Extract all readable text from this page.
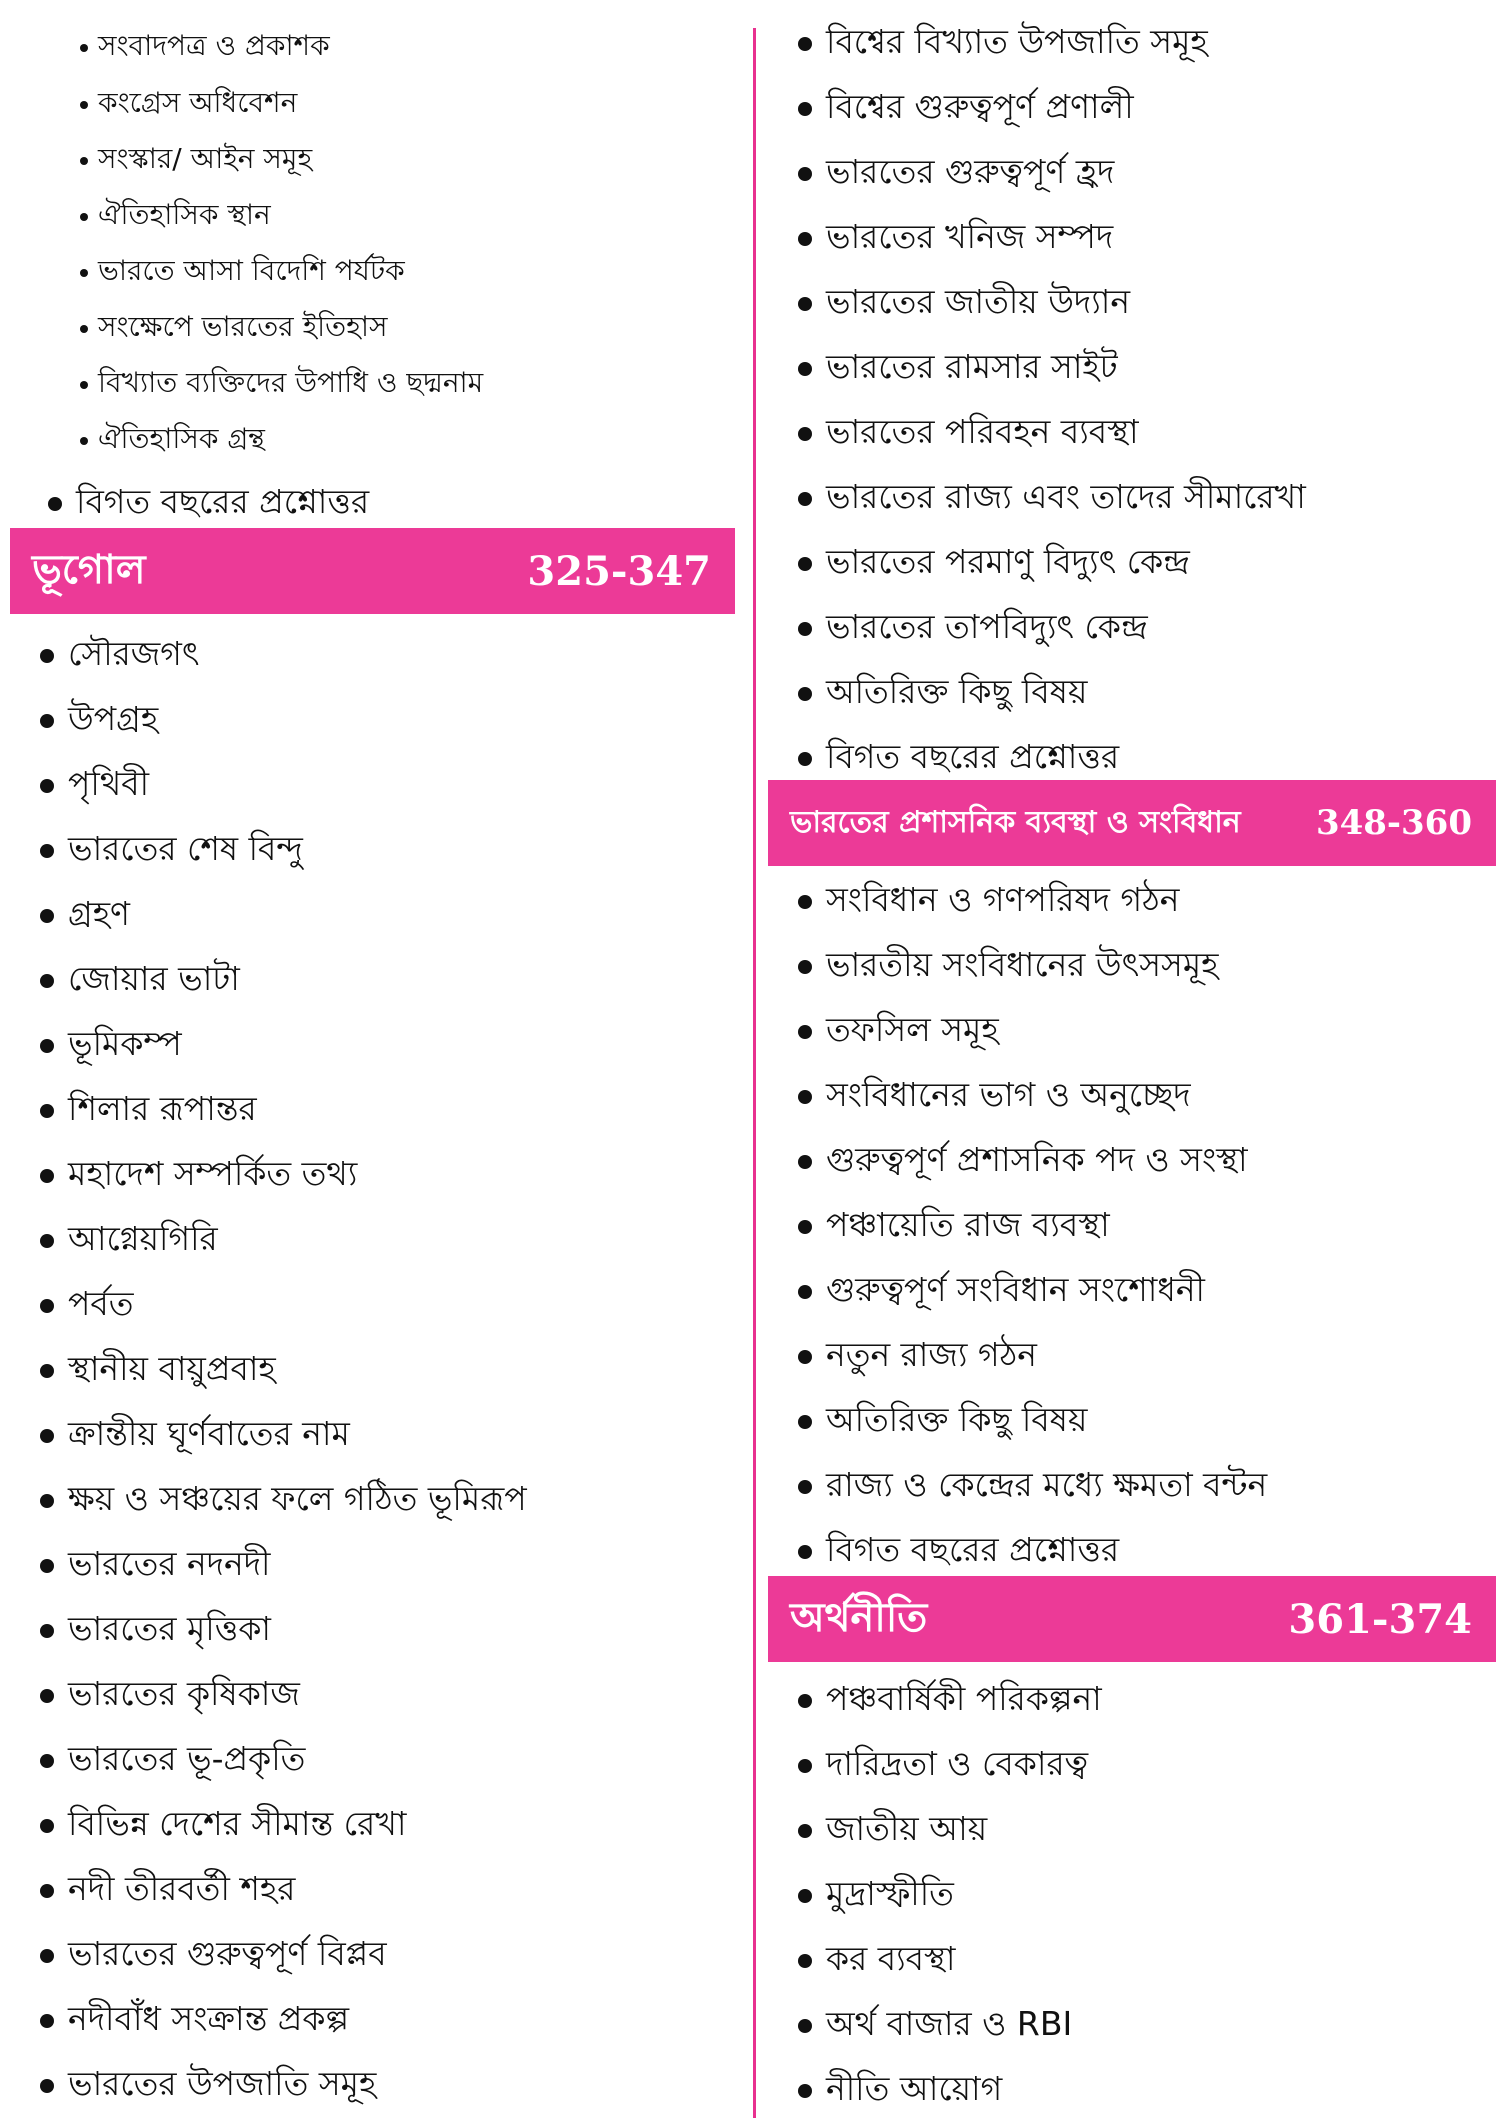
সংবাদপত্র ও প্রকাশক
কংগ্রেস অধিবেশন
সংস্কার/ আইন সমূহ
ঐতিহাসিক স্থান
ভারতে আসা বিদেশি পর্যটক
সংক্ষেপে ভারতের ইতিহাস
বিখ্যাত ব্যক্তিদের উপাধি ও ছদ্মনাম
ঐতিহাসিক গ্রন্থ
বিগত বছরের প্রশ্নোত্তর
ভূগোল	325-347
সৌরজগৎ
উপগ্রহ
পৃথিবী
ভারতের শেষ বিন্দু
গ্রহণ
জোয়ার ভাটা
ভূমিকম্প
শিলার রূপান্তর
মহাদেশ সম্পর্কিত তথ্য
আগ্নেয়গিরি
পর্বত
স্থানীয় বায়ুপ্রবাহ
ক্রান্তীয় ঘূর্ণবাতের নাম
ক্ষয় ও সঞ্চয়ের ফলে গঠিত ভূমিরূপ
ভারতের নদনদী
ভারতের মৃত্তিকা
ভারতের কৃষিকাজ
ভারতের ভূ-প্রকৃতি
বিভিন্ন দেশের সীমান্ত রেখা
নদী তীরবর্তী শহর
ভারতের গুরুত্বপূর্ণ বিপ্লব
নদীবাঁধ সংক্রান্ত প্রকল্প
ভারতের উপজাতি সমূহ
বিশ্বের বিখ্যাত উপজাতি সমূহ
বিশ্বের গুরুত্বপূর্ণ প্রণালী
ভারতের গুরুত্বপূর্ণ হ্রদ
ভারতের খনিজ সম্পদ
ভারতের জাতীয় উদ্যান
ভারতের রামসার সাইট
ভারতের পরিবহন ব্যবস্থা
ভারতের রাজ্য এবং তাদের সীমারেখা
ভারতের পরমাণু বিদ্যুৎ কেন্দ্র
ভারতের তাপবিদ্যুৎ কেন্দ্র
অতিরিক্ত কিছু বিষয়
বিগত বছরের প্রশ্নোত্তর
ভারতের প্রশাসনিক ব্যবস্থা ও সংবিধান 348-360
সংবিধান ও গণপরিষদ গঠন
ভারতীয় সংবিধানের উৎসসমূহ
তফসিল সমূহ
সংবিধানের ভাগ ও অনুচ্ছেদ
গুরুত্বপূর্ণ প্রশাসনিক পদ ও সংস্থা
পঞ্চায়েতি রাজ ব্যবস্থা
গুরুত্বপূর্ণ সংবিধান সংশোধনী
নতুন রাজ্য গঠন
অতিরিক্ত কিছু বিষয়
রাজ্য ও কেন্দ্রের মধ্যে ক্ষমতা বন্টন
বিগত বছরের প্রশ্নোত্তর
অর্থনীতি	361-374
পঞ্চবার্ষিকী পরিকল্পনা
দারিদ্রতা ও বেকারত্ব
জাতীয় আয়
মুদ্রাস্ফীতি
কর ব্যবস্থা
অর্থ বাজার ও RBI
নীতি আয়োগ
